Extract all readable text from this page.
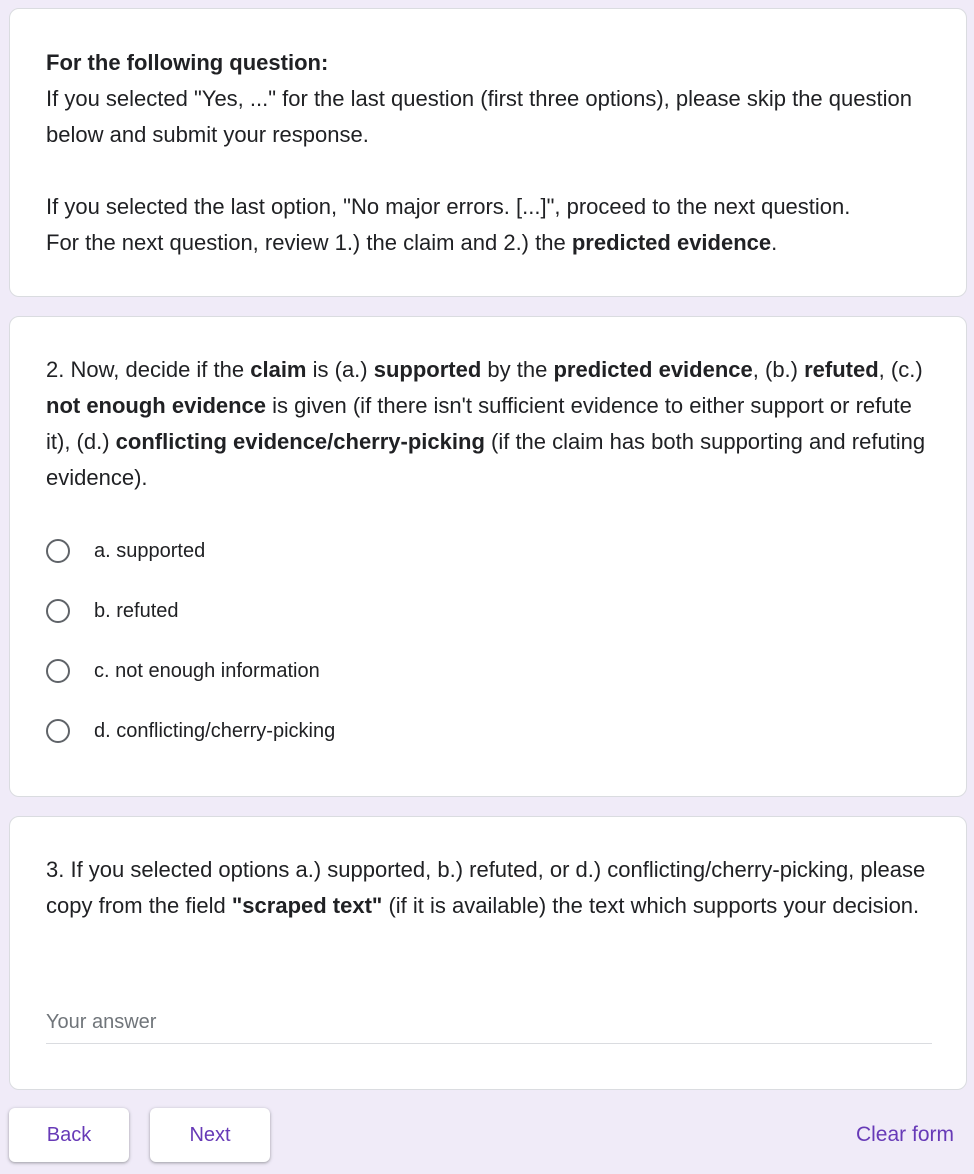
For the following question:

If you selected "Yes, ..." for the last question (first three options), please skip the question below and submit your response.

If you selected the last option, "No major errors. [...]", proceed to the next question.

For the next question, review 1.) the claim and 2.) the predicted evidence.

2. Now, decide if the claim is (a.) supported by the predicted evidence, (b.) refuted, (c.) not enough evidence is given (if there isn't sufficient evidence to either support or refute it), (d.) conflicting evidence/cherry-picking (if the claim has both supporting and refuting evidence).
a. supported
b. refuted
c. not enough information
d. conflicting/cherry-picking
3. If you selected options a.) supported, b.) refuted, or d.) conflicting/cherry-picking, please copy from the field "scraped text" (if it is available) the text which supports your decision.
Your answer
Back	Next	Clear form
